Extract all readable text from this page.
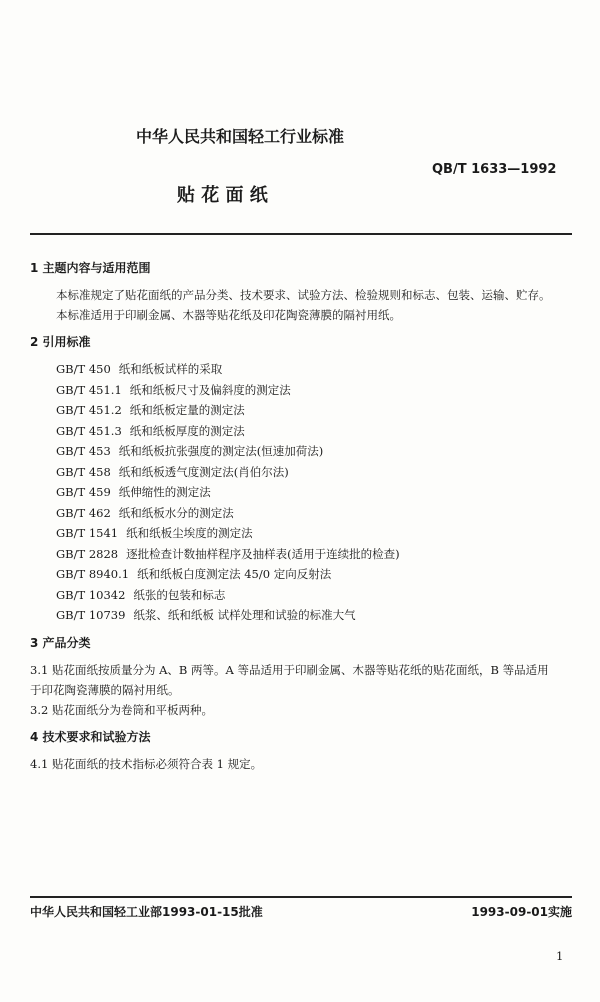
中华人民共和国轻工行业标准
QB/T 1633—1992
贴 花 面 纸
1 主题内容与适用范围
本标准规定了贴花面纸的产品分类、技术要求、试验方法、检验规则和标志、包装、运输、贮存。
本标准适用于印刷金属、木器等贴花纸及印花陶瓷薄膜的隔衬用纸。
2 引用标准
GB/T 450 纸和纸板试样的采取
GB/T 451.1 纸和纸板尺寸及偏斜度的测定法
GB/T 451.2 纸和纸板定量的测定法
GB/T 451.3 纸和纸板厚度的测定法
GB/T 453 纸和纸板抗张强度的测定法(恒速加荷法)
GB/T 458 纸和纸板透气度测定法(肖伯尔法)
GB/T 459 纸伸缩性的测定法
GB/T 462 纸和纸板水分的测定法
GB/T 1541 纸和纸板尘埃度的测定法
GB/T 2828 逐批检查计数抽样程序及抽样表(适用于连续批的检查)
GB/T 8940.1 纸和纸板白度测定法 45/0 定向反射法
GB/T 10342 纸张的包装和标志
GB/T 10739 纸浆、纸和纸板 试样处理和试验的标准大气
3 产品分类
3.1 贴花面纸按质量分为 A、B 两等。A 等品适用于印刷金属、木器等贴花纸的贴花面纸，B 等品适用
于印花陶瓷薄膜的隔衬用纸。
3.2 贴花面纸分为卷筒和平板两种。
4 技术要求和试验方法
4.1 贴花面纸的技术指标必须符合表 1 规定。
中华人民共和国轻工业部1993-01-15批准	1993-09-01实施
1
